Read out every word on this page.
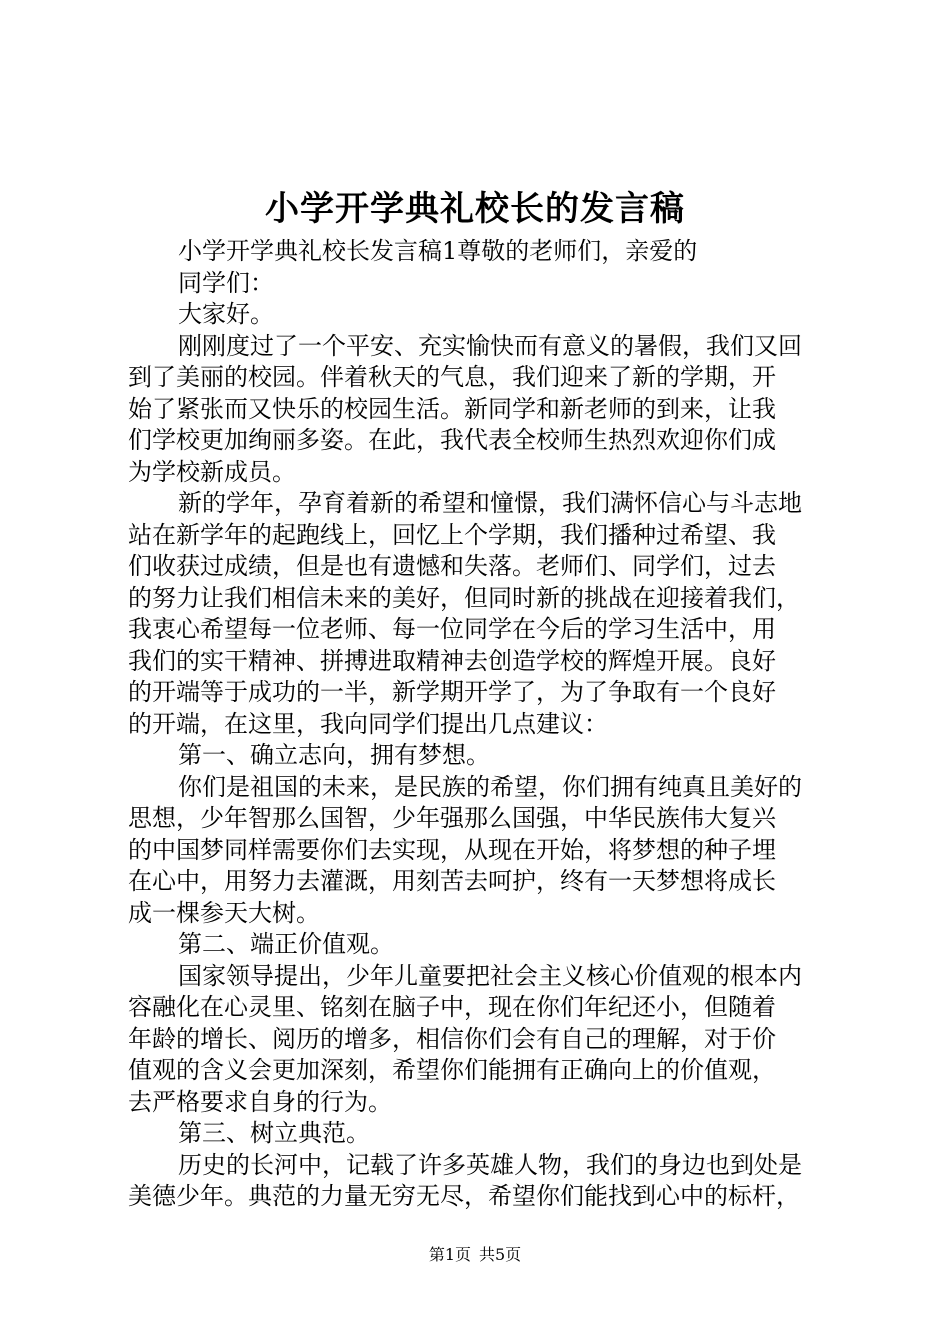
小学开学典礼校长的发言稿
小学开学典礼校长发言稿1尊敬的老师们，亲爱的
同学们：
大家好。
刚刚度过了一个平安、充实愉快而有意义的暑假，我们又回
到了美丽的校园。伴着秋天的气息，我们迎来了新的学期，开
始了紧张而又快乐的校园生活。新同学和新老师的到来，让我
们学校更加绚丽多姿。在此，我代表全校师生热烈欢迎你们成
为学校新成员。
新的学年，孕育着新的希望和憧憬，我们满怀信心与斗志地
站在新学年的起跑线上，回忆上个学期，我们播种过希望、我
们收获过成绩，但是也有遗憾和失落。老师们、同学们，过去
的努力让我们相信未来的美好，但同时新的挑战在迎接着我们，
我衷心希望每一位老师、每一位同学在今后的学习生活中，用
我们的实干精神、拼搏进取精神去创造学校的辉煌开展。良好
的开端等于成功的一半，新学期开学了，为了争取有一个良好
的开端，在这里，我向同学们提出几点建议：
第一、确立志向，拥有梦想。
你们是祖国的未来，是民族的希望，你们拥有纯真且美好的
思想，少年智那么国智，少年强那么国强，中华民族伟大复兴
的中国梦同样需要你们去实现，从现在开始，将梦想的种子埋
在心中，用努力去灌溉，用刻苦去呵护，终有一天梦想将成长
成一棵参天大树。
第二、端正价值观。
国家领导提出，少年儿童要把社会主义核心价值观的根本内
容融化在心灵里、铭刻在脑子中，现在你们年纪还小，但随着
年龄的增长、阅历的增多，相信你们会有自己的理解，对于价
值观的含义会更加深刻，希望你们能拥有正确向上的价值观，
去严格要求自身的行为。
第三、树立典范。
历史的长河中，记载了许多英雄人物，我们的身边也到处是
美德少年。典范的力量无穷无尽，希望你们能找到心中的标杆，
第1页 共5页
